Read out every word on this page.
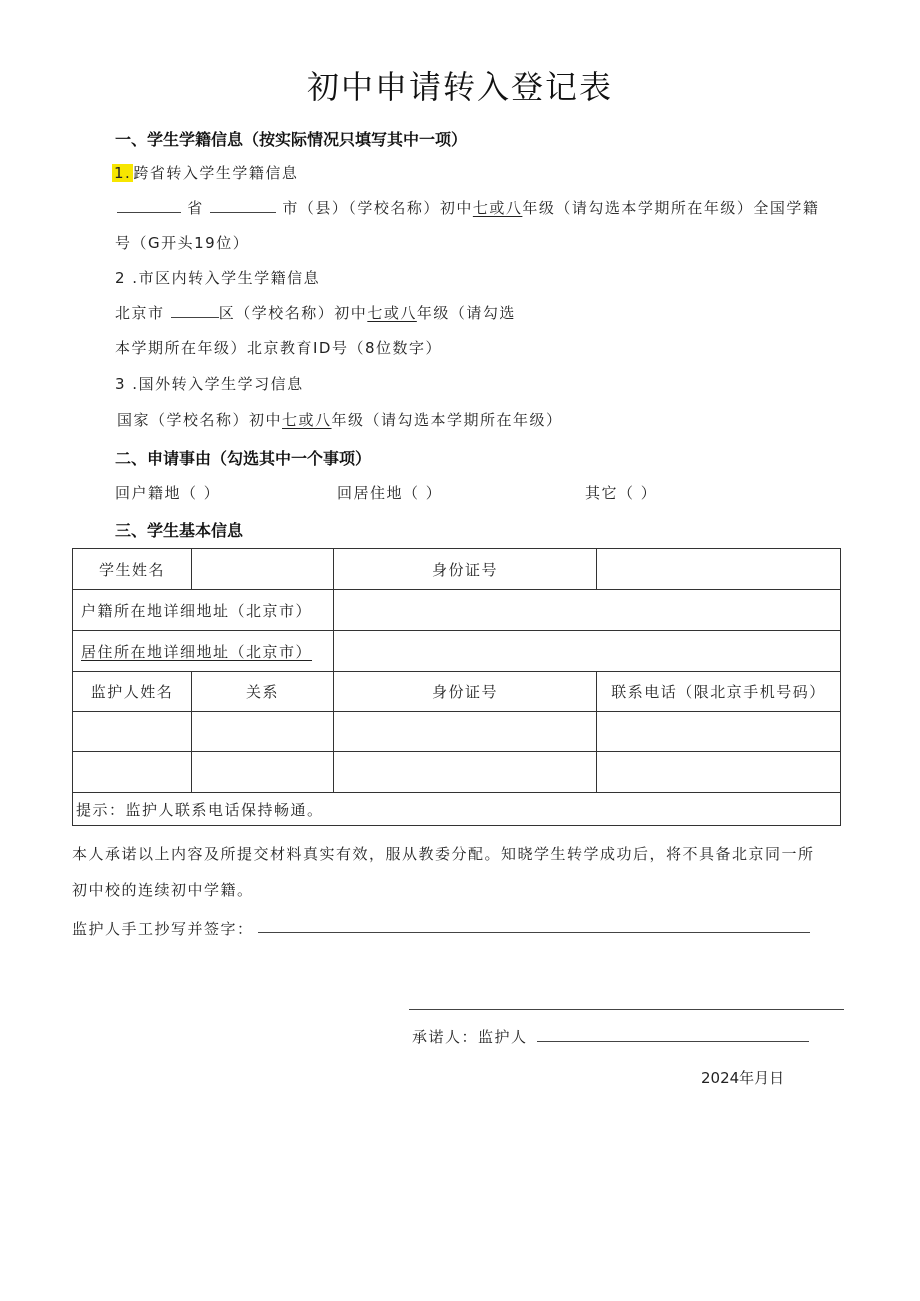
初中申请转入登记表
一、学生学籍信息（按实际情况只填写其中一项）
1. 跨省转入学生学籍信息
省	市（县）（学校名称）初中七或八年级（请勾选本学期所在年级）全国学籍
号（G开头19位）
2 .市区内转入学生学籍信息
北京市	区（学校名称）初中七或八年级（请勾选
本学期所在年级）北京教育ID号（8位数字）
3 .国外转入学生学习信息
国家（学校名称）初中七或八年级（请勾选本学期所在年级）
二、申请事由（勾选其中一个事项）
回户籍地（ ）	回居住地（ ）	其它（ ）
三、学生基本信息
学生姓名		身份证号	
户籍所在地详细地址（北京市）			
居住所在地详细地址（北京市）			
监护人姓名	关系	身份证号	联系电话（限北京手机号码）

提示：监护人联系电话保持畅通。			
本人承诺以上内容及所提交材料真实有效，服从教委分配。知晓学生转学成功后，将不具备北京同一所
初中校的连续初中学籍。
监护人手工抄写并签字：
承诺人：监护人
2024年月日
